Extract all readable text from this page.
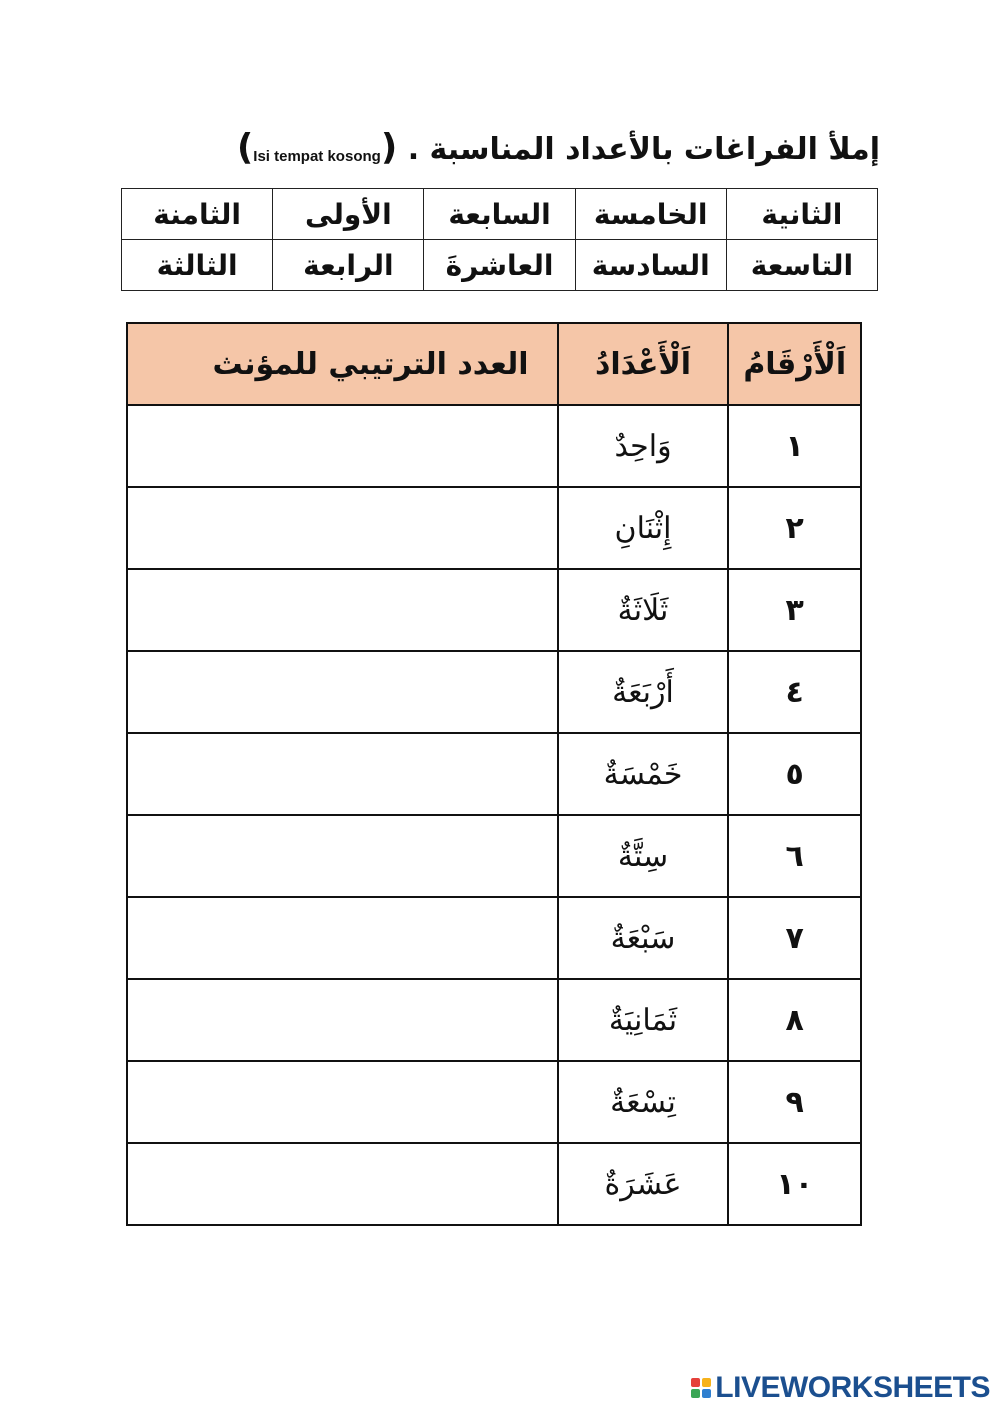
إملأ الفراغات بالأعداد المناسبة . (Isi tempat kosong)
الثانية	الخامسة	السابعة	الأولى	الثامنة
التاسعة	السادسة	العاشرةَ	الرابعة	الثالثة
اَلْأَرْقَامُ	اَلْأَعْدَادُ	العدد الترتيبي للمؤنث
١	وَاحِدٌ	

٢	إِثْنَانِ	

٣	ثَلَاثَةٌ	

٤	أَرْبَعَةٌ	

٥	خَمْسَةٌ	

٦	سِتَّةٌ	

٧	سَبْعَةٌ	

٨	ثَمَانِيَةٌ	

٩	تِسْعَةٌ	

١٠	عَشَرَةٌ	
LIVEWORKSHEETS
